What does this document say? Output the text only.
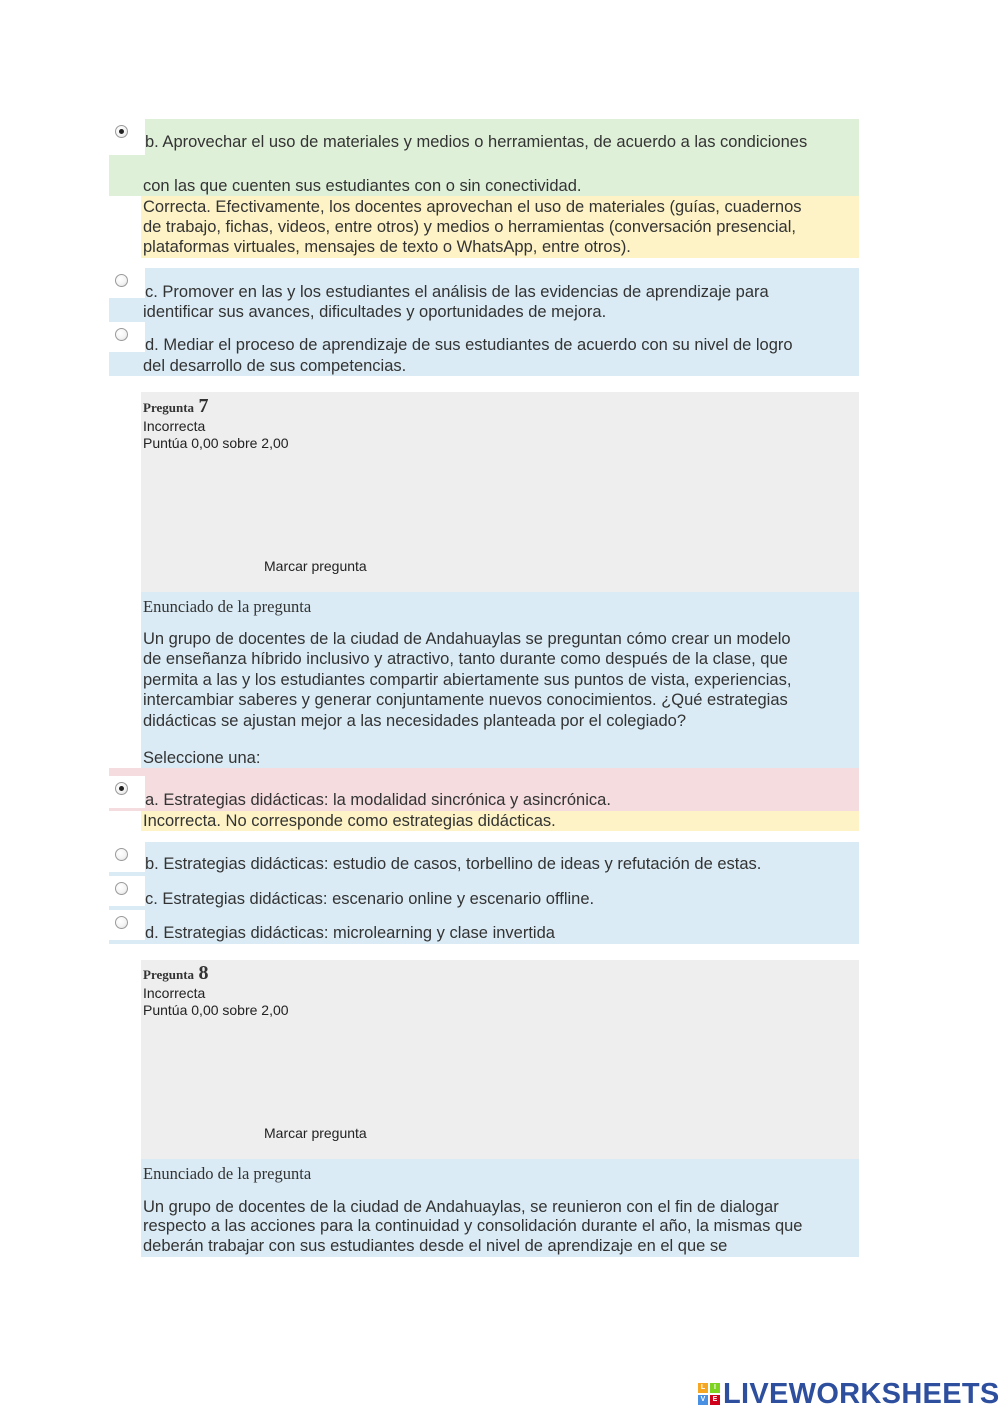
b. Aprovechar el uso de materiales y medios o herramientas, de acuerdo a las condiciones
con las que cuenten sus estudiantes con o sin conectividad.
Correcta. Efectivamente, los docentes aprovechan el uso de materiales (guías, cuadernos
de trabajo, fichas, videos, entre otros) y medios o herramientas (conversación presencial,
plataformas virtuales, mensajes de texto o WhatsApp, entre otros).
c. Promover en las y los estudiantes el análisis de las evidencias de aprendizaje para
identificar sus avances, dificultades y oportunidades de mejora.
d. Mediar el proceso de aprendizaje de sus estudiantes de acuerdo con su nivel de logro
del desarrollo de sus competencias.
Pregunta 7
Incorrecta
Puntúa 0,00 sobre 2,00
Marcar pregunta
Enunciado de la pregunta
Un grupo de docentes de la ciudad de Andahuaylas se preguntan cómo crear un modelo
de enseñanza híbrido inclusivo y atractivo, tanto durante como después de la clase, que
permita a las y los estudiantes compartir abiertamente sus puntos de vista, experiencias,
intercambiar saberes y generar conjuntamente nuevos conocimientos. ¿Qué estrategias
didácticas se ajustan mejor a las necesidades planteada por el colegiado?
Seleccione una:
a. Estrategias didácticas: la modalidad sincrónica y asincrónica.
Incorrecta. No corresponde como estrategias didácticas.
b. Estrategias didácticas: estudio de casos, torbellino de ideas y refutación de estas.
c. Estrategias didácticas: escenario online y escenario offline.
d. Estrategias didácticas: microlearning y clase invertida
Pregunta 8
Incorrecta
Puntúa 0,00 sobre 2,00
Marcar pregunta
Enunciado de la pregunta
Un grupo de docentes de la ciudad de Andahuaylas, se reunieron con el fin de dialogar
respecto a las acciones para la continuidad y consolidación durante el año, la mismas que
deberán trabajar con sus estudiantes desde el nivel de aprendizaje en el que se
L	I
V	E LIVEWORKSHEETS
